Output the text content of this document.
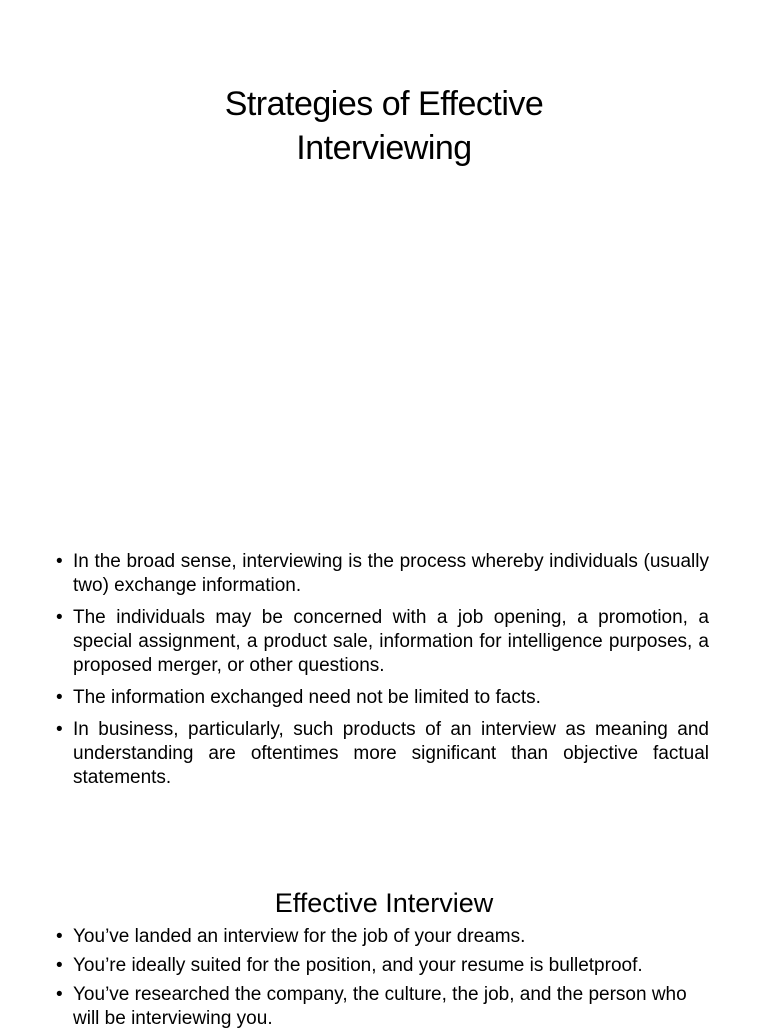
Strategies of Effective
Interviewing
• In the broad sense, interviewing is the process whereby individuals (usually two) exchange information.
• The individuals may be concerned with a job opening, a promotion, a special assignment, a product sale, information for intelligence purposes, a proposed merger, or other questions.
• The information exchanged need not be limited to facts.
• In business, particularly, such products of an interview as meaning and understanding are oftentimes more significant than objective factual statements.
Effective Interview
• You’ve landed an interview for the job of your dreams.
• You’re ideally suited for the position, and your resume is bulletproof.
• You’ve researched the company, the culture, the job, and the person who will be interviewing you.
